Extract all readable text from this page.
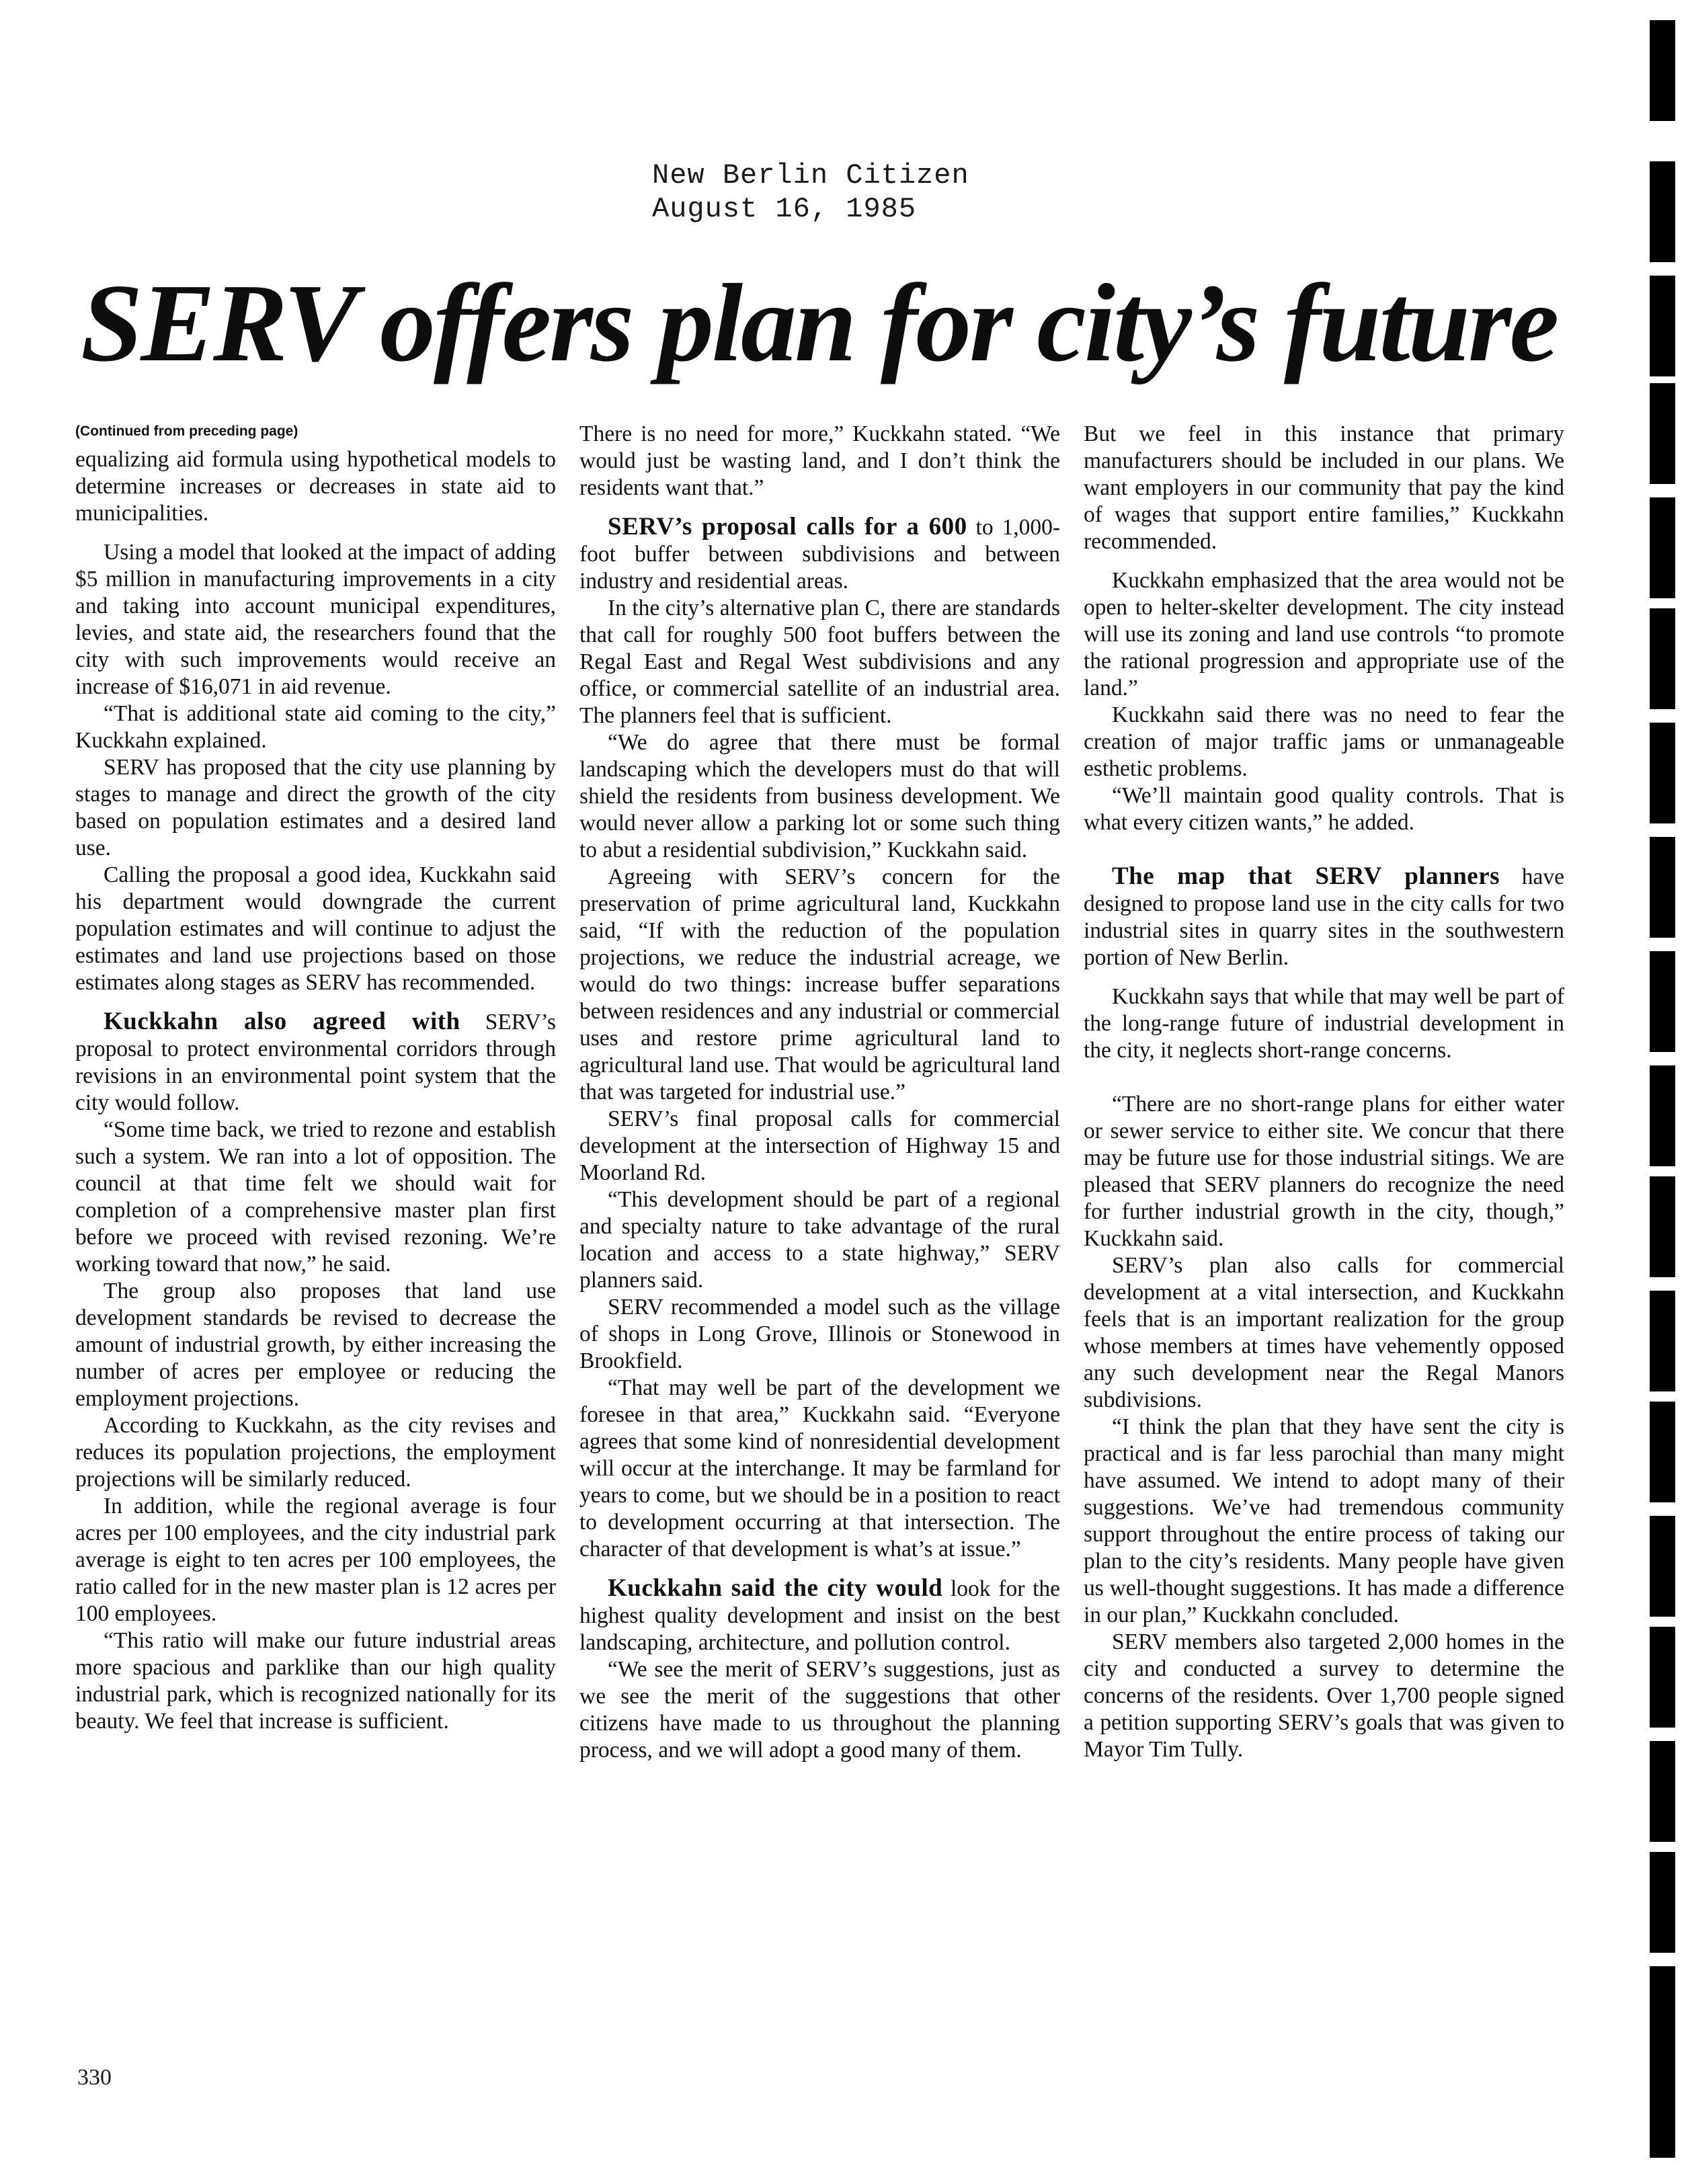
New Berlin Citizen
August 16, 1985
SERV offers plan for city’s future
(Continued from preceding page)

equalizing aid formula using hypothetical models to determine increases or decreases in state aid to municipalities.

Using a model that looked at the impact of adding $5 million in manufacturing improvements in a city and taking into account municipal expenditures, levies, and state aid, the researchers found that the city with such improvements would receive an increase of $16,071 in aid revenue.

“That is additional state aid coming to the city,” Kuckkahn explained.

SERV has proposed that the city use planning by stages to manage and direct the growth of the city based on population estimates and a desired land use.

Calling the proposal a good idea, Kuckkahn said his department would downgrade the current population estimates and will continue to adjust the estimates and land use projections based on those estimates along stages as SERV has recommended.

Kuckkahn also agreed with SERV’s proposal to protect environmental corridors through revisions in an environmental point system that the city would follow.

“Some time back, we tried to rezone and establish such a system. We ran into a lot of opposition. The council at that time felt we should wait for completion of a comprehensive master plan first before we proceed with revised rezoning. We’re working toward that now,” he said.

The group also proposes that land use development standards be revised to decrease the amount of industrial growth, by either increasing the number of acres per employee or reducing the employment projections.

According to Kuckkahn, as the city revises and reduces its population projections, the employment projections will be similarly reduced.

In addition, while the regional average is four acres per 100 employees, and the city industrial park average is eight to ten acres per 100 employees, the ratio called for in the new master plan is 12 acres per 100 employees.

“This ratio will make our future industrial areas more spacious and parklike than our high quality industrial park, which is recognized nationally for its beauty. We feel that increase is sufficient.

There is no need for more,” Kuckkahn stated. “We would just be wasting land, and I don’t think the residents want that.”

SERV’s proposal calls for a 600 to 1,000-foot buffer between subdivisions and between industry and residential areas.

In the city’s alternative plan C, there are standards that call for roughly 500 foot buffers between the Regal East and Regal West subdivisions and any office, or commercial satellite of an industrial area. The planners feel that is sufficient.

“We do agree that there must be formal landscaping which the developers must do that will shield the residents from business development. We would never allow a parking lot or some such thing to abut a residential subdivision,” Kuckkahn said.

Agreeing with SERV’s concern for the preservation of prime agricultural land, Kuckkahn said, “If with the reduction of the population projections, we reduce the industrial acreage, we would do two things: increase buffer separations between residences and any industrial or commercial uses and restore prime agricultural land to agricultural land use. That would be agricultural land that was targeted for industrial use.”

SERV’s final proposal calls for commercial development at the intersection of Highway 15 and Moorland Rd.

“This development should be part of a regional and specialty nature to take advantage of the rural location and access to a state highway,” SERV planners said.

SERV recommended a model such as the village of shops in Long Grove, Illinois or Stonewood in Brookfield.

“That may well be part of the development we foresee in that area,” Kuckkahn said. “Everyone agrees that some kind of nonresidential development will occur at the interchange. It may be farmland for years to come, but we should be in a position to react to development occurring at that intersection. The character of that development is what’s at issue.”

Kuckkahn said the city would look for the highest quality development and insist on the best landscaping, architecture, and pollution control.

“We see the merit of SERV’s suggestions, just as we see the merit of the suggestions that other citizens have made to us throughout the planning process, and we will adopt a good many of them.

But we feel in this instance that primary manufacturers should be included in our plans. We want employers in our community that pay the kind of wages that support entire families,” Kuckkahn recommended.

Kuckkahn emphasized that the area would not be open to helter-skelter development. The city instead will use its zoning and land use controls “to promote the rational progression and appropriate use of the land.”

Kuckkahn said there was no need to fear the creation of major traffic jams or unmanageable esthetic problems.

“We’ll maintain good quality controls. That is what every citizen wants,” he added.

The map that SERV planners have designed to propose land use in the city calls for two industrial sites in quarry sites in the southwestern portion of New Berlin.

Kuckkahn says that while that may well be part of the long-range future of industrial development in the city, it neglects short-range concerns.

“There are no short-range plans for either water or sewer service to either site. We concur that there may be future use for those industrial sitings. We are pleased that SERV planners do recognize the need for further industrial growth in the city, though,” Kuckkahn said.

SERV’s plan also calls for commercial development at a vital intersection, and Kuckkahn feels that is an important realization for the group whose members at times have vehemently opposed any such development near the Regal Manors subdivisions.

“I think the plan that they have sent the city is practical and is far less parochial than many might have assumed. We intend to adopt many of their suggestions. We’ve had tremendous community support throughout the entire process of taking our plan to the city’s residents. Many people have given us well-thought suggestions. It has made a difference in our plan,” Kuckkahn concluded.

SERV members also targeted 2,000 homes in the city and conducted a survey to determine the concerns of the residents. Over 1,700 people signed a petition supporting SERV’s goals that was given to Mayor Tim Tully.

330
